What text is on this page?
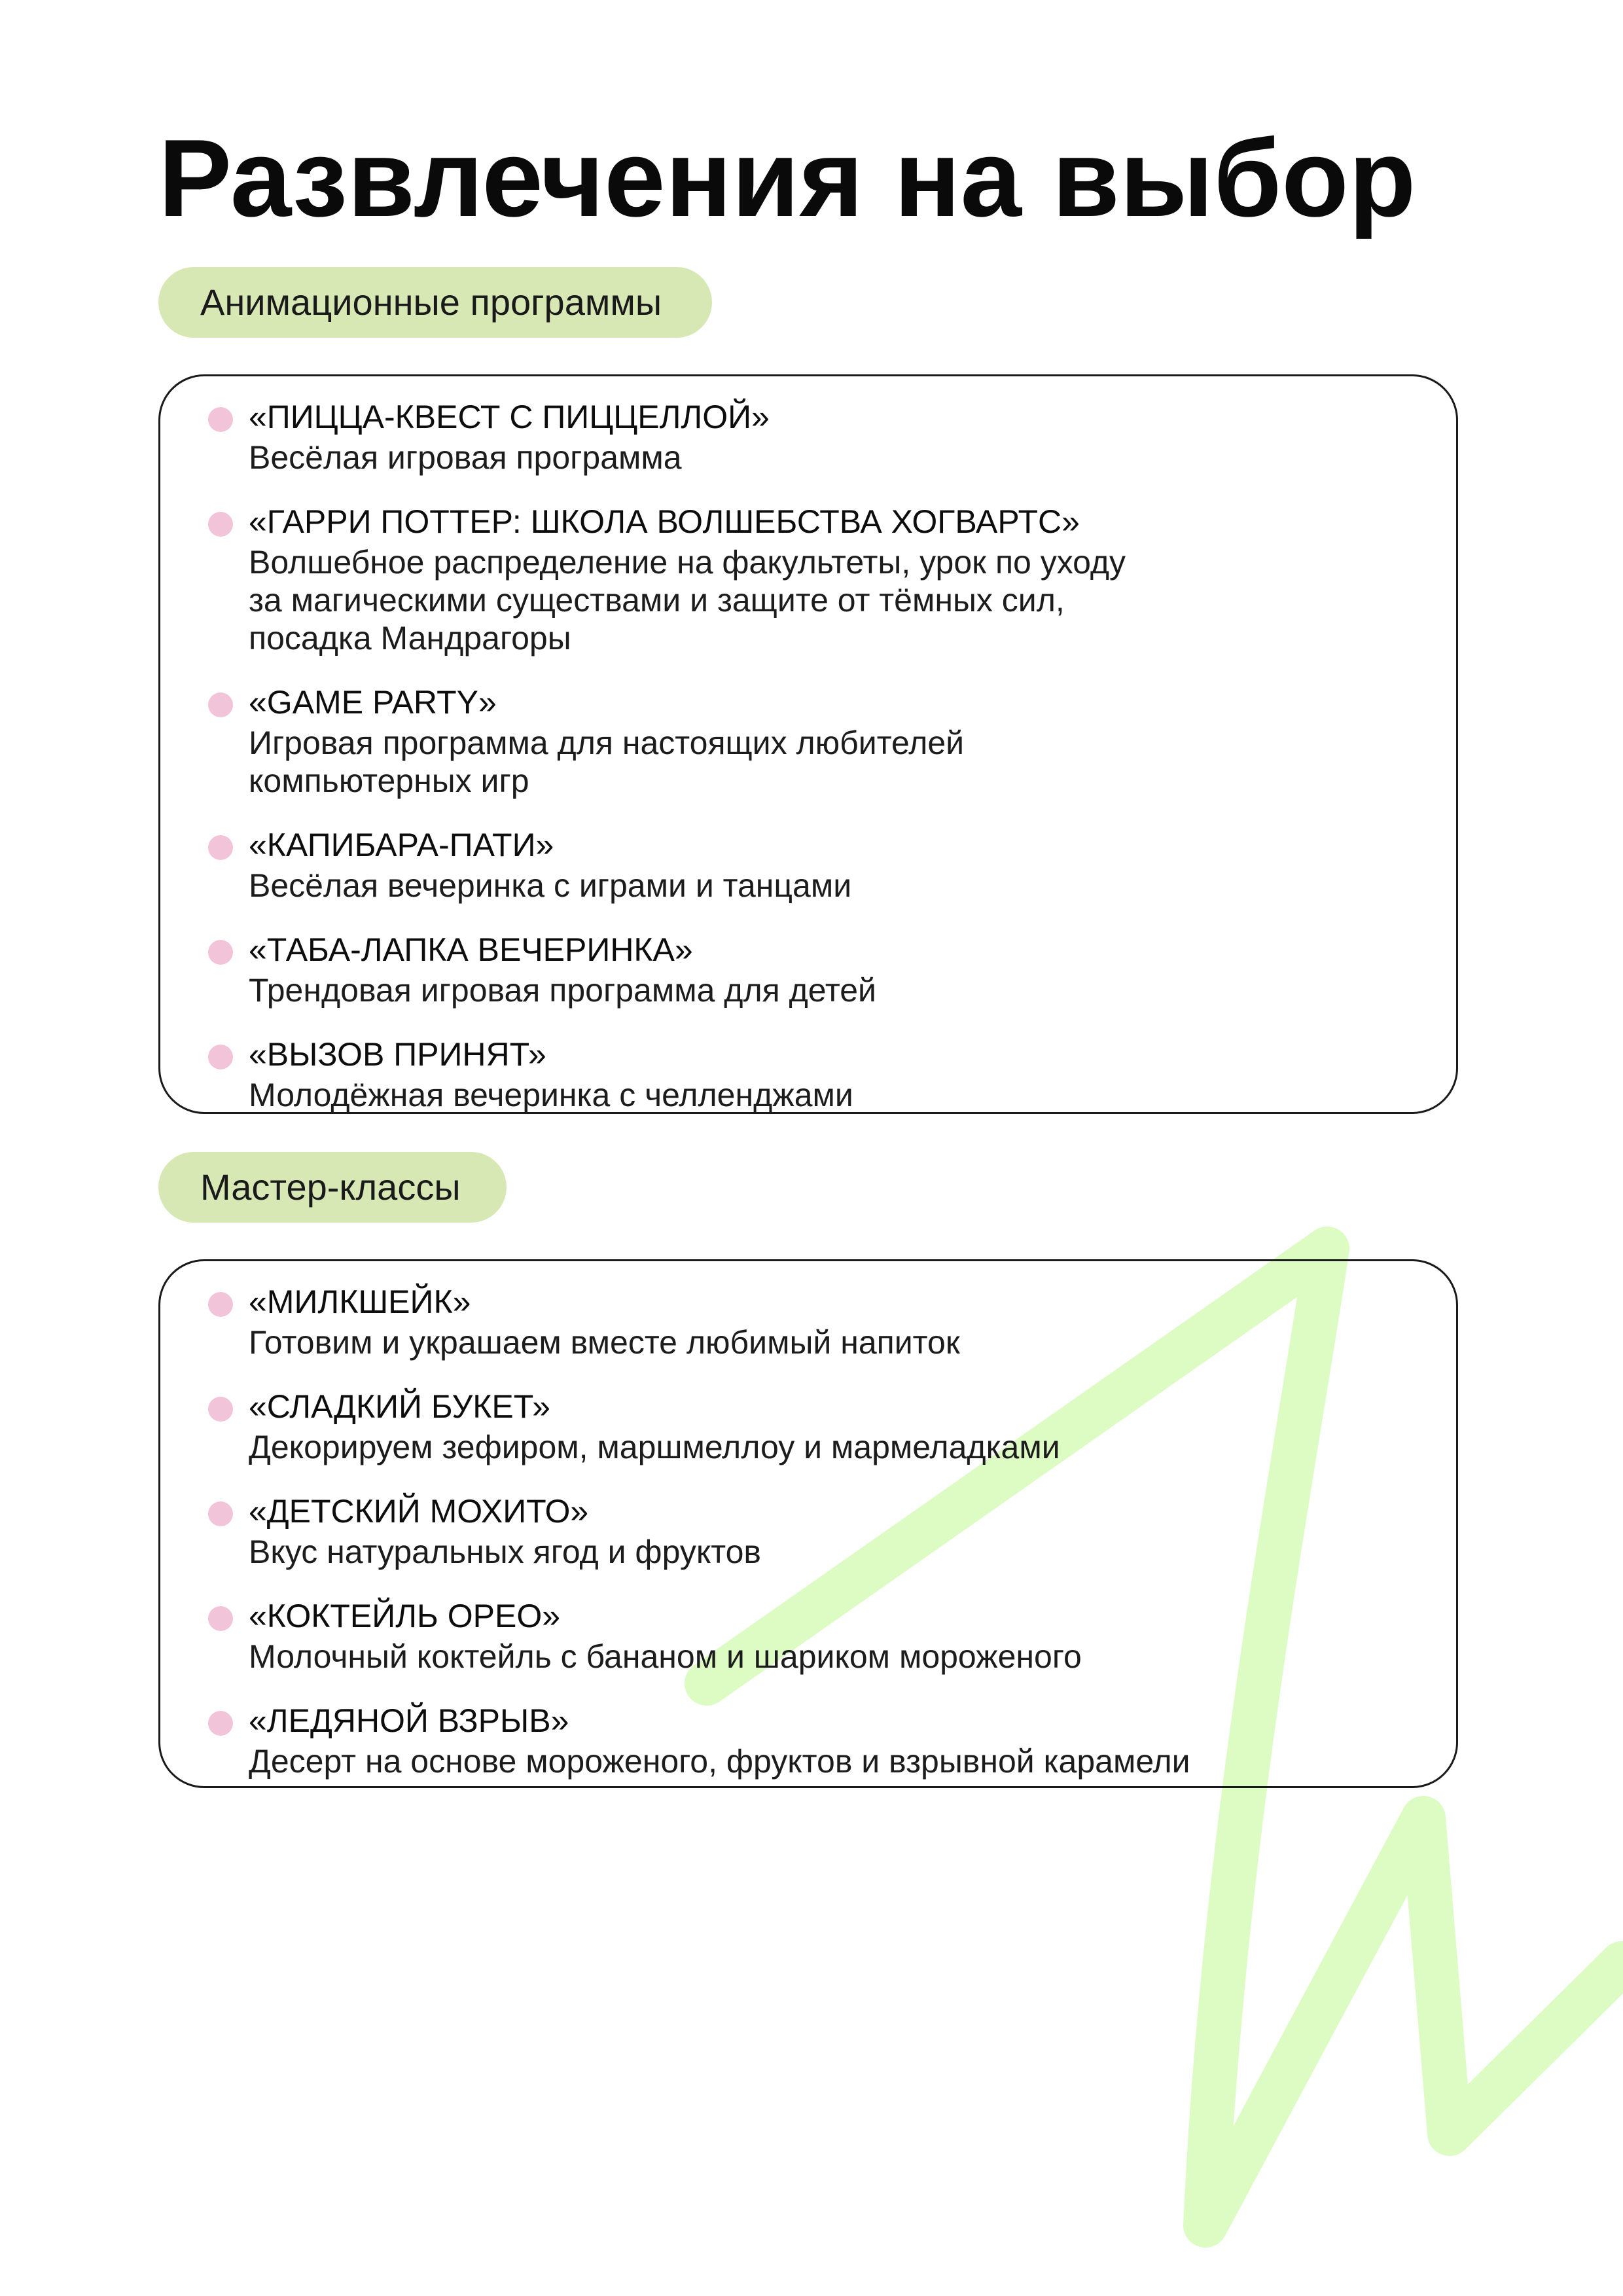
Развлечения на выбор
Анимационные программы
«ПИЦЦА-КВЕСТ С ПИЦЦЕЛЛОЙ»
Весёлая игровая программа
«ГАРРИ ПОТТЕР: ШКОЛА ВОЛШЕБСТВА ХОГВАРТС»
Волшебное распределение на факультеты, урок по уходу
за магическими существами и защите от тёмных сил,
посадка Мандрагоры
«GAME PARTY»
Игровая программа для настоящих любителей
компьютерных игр
«КАПИБАРА-ПАТИ»
Весёлая вечеринка с играми и танцами
«ТАБА-ЛАПКА ВЕЧЕРИНКА»
Трендовая игровая программа для детей
«ВЫЗОВ ПРИНЯТ»
Молодёжная вечеринка с челленджами
Мастер-классы
«МИЛКШЕЙК»
Готовим и украшаем вместе любимый напиток
«СЛАДКИЙ БУКЕТ»
Декорируем зефиром, маршмеллоу и мармеладками
«ДЕТСКИЙ МОХИТО»
Вкус натуральных ягод и фруктов
«КОКТЕЙЛЬ ОРЕО»
Молочный коктейль с бананом и шариком мороженого
«ЛЕДЯНОЙ ВЗРЫВ»
Десерт на основе мороженого, фруктов и взрывной карамели
